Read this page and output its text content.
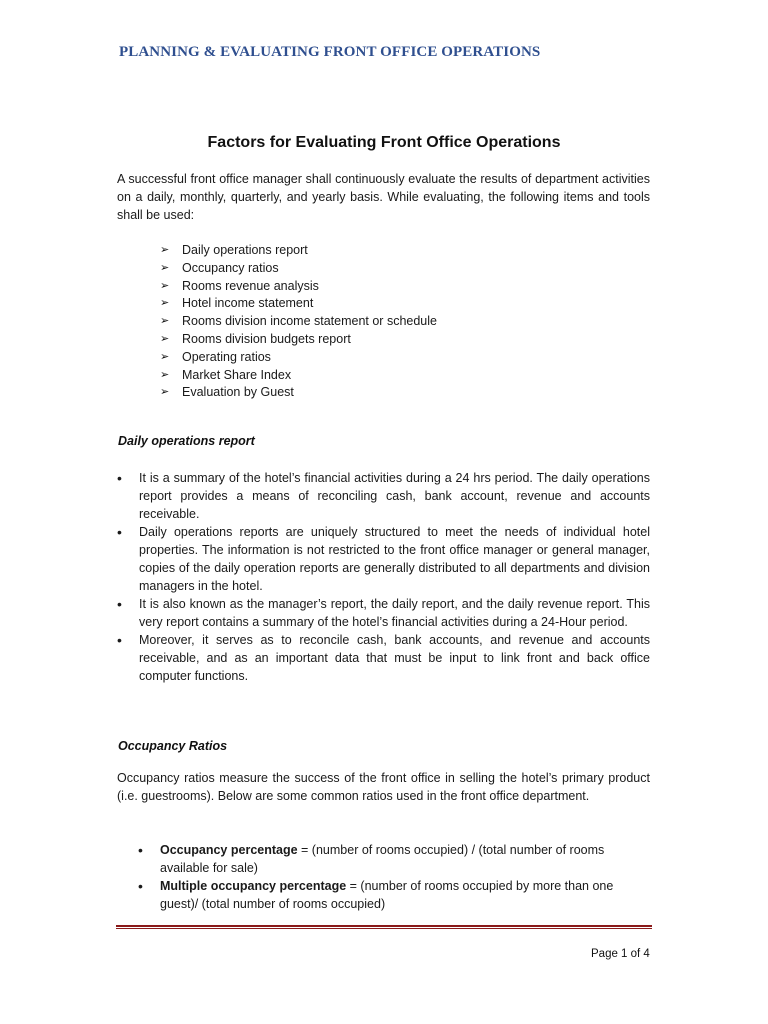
PLANNING & EVALUATING FRONT OFFICE OPERATIONS
Factors for Evaluating Front Office Operations

A successful front office manager shall continuously evaluate the results of department activities on a daily, monthly, quarterly, and yearly basis. While evaluating, the following items and tools shall be used:

➢ Daily operations report
➢ Occupancy ratios
➢ Rooms revenue analysis
➢ Hotel income statement
➢ Rooms division income statement or schedule
➢ Rooms division budgets report
➢ Operating ratios
➢ Market Share Index
➢ Evaluation by Guest
Daily operations report
• It is a summary of the hotel’s financial activities during a 24 hrs period. The daily operations report provides a means of reconciling cash, bank account, revenue and accounts receivable.
• Daily operations reports are uniquely structured to meet the needs of individual hotel properties. The information is not restricted to the front office manager or general manager, copies of the daily operation reports are generally distributed to all departments and division managers in the hotel.
• It is also known as the manager’s report, the daily report, and the daily revenue report. This very report contains a summary of the hotel’s financial activities during a 24-Hour period.
• Moreover, it serves as to reconcile cash, bank accounts, and revenue and accounts receivable, and as an important data that must be input to link front and back office computer functions.
Occupancy Ratios

Occupancy ratios measure the success of the front office in selling the hotel’s primary product (i.e. guestrooms). Below are some common ratios used in the front office department.

• Occupancy percentage = (number of rooms occupied) / (total number of rooms available for sale)
• Multiple occupancy percentage = (number of rooms occupied by more than one guest)/ (total number of rooms occupied)
Page 1 of 4
